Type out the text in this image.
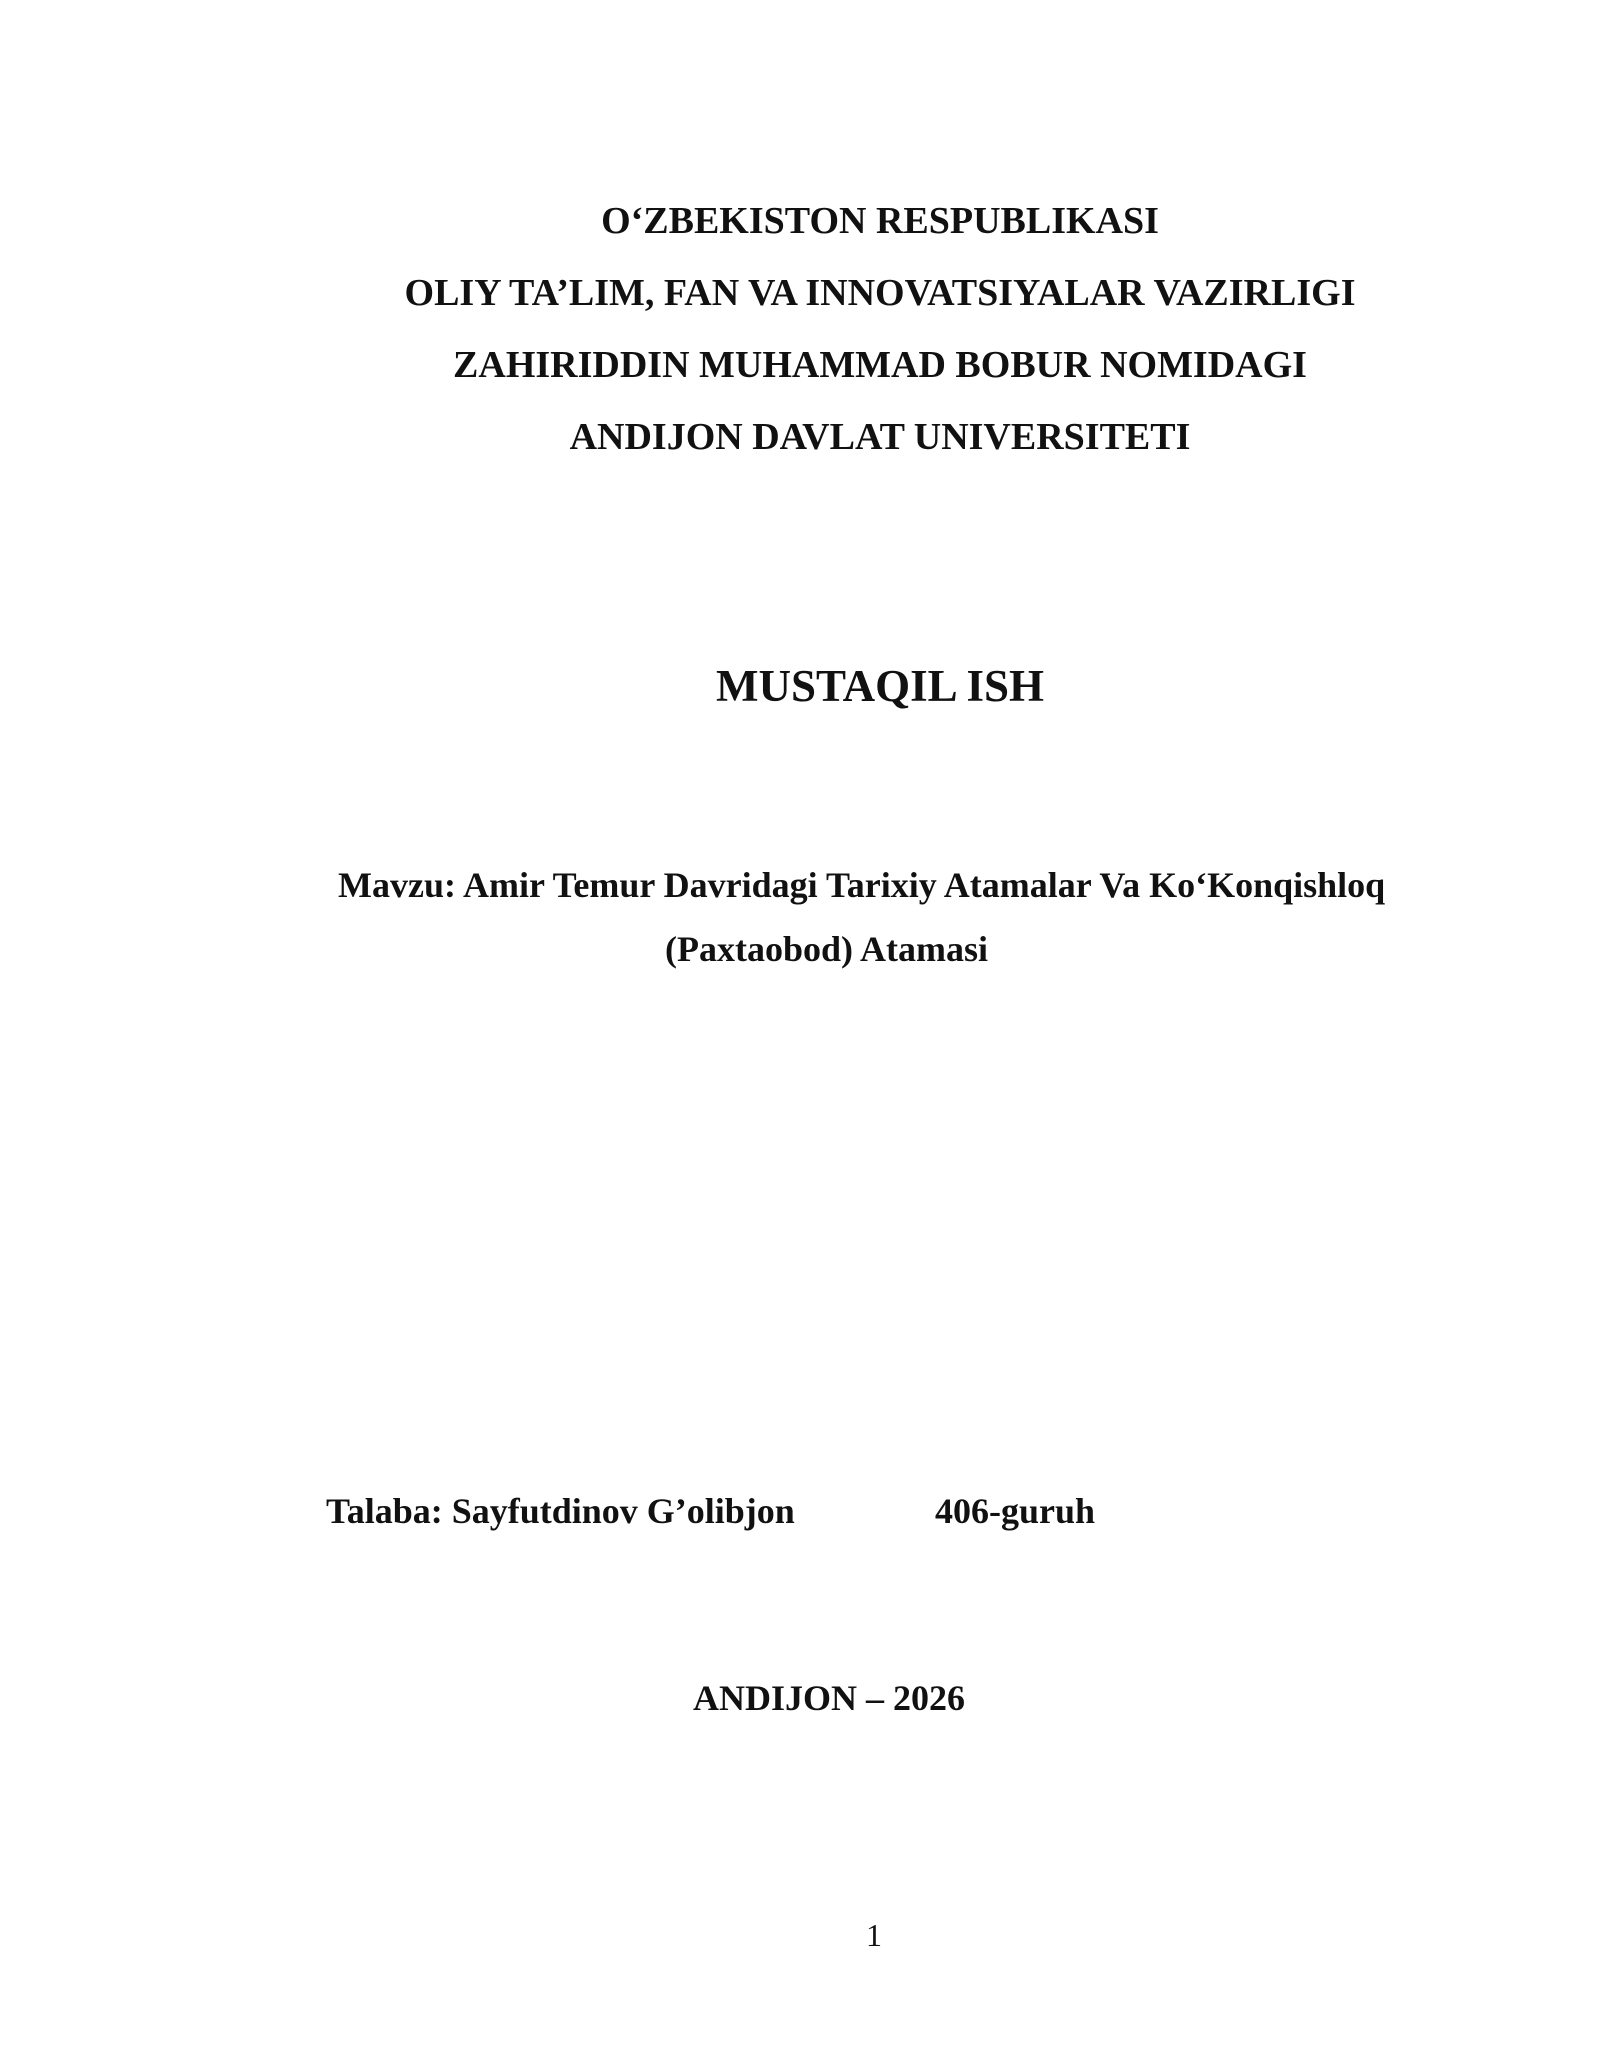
O‘ZBEKISTON RESPUBLIKASI
OLIY TA’LIM, FAN VA INNOVATSIYALAR VAZIRLIGI
ZAHIRIDDIN MUHAMMAD BOBUR NOMIDAGI
ANDIJON DAVLAT UNIVERSITETI
MUSTAQIL ISH
Mavzu: Amir Temur Davridagi Tarixiy Atamalar Va Ko‘Konqishloq
(Paxtaobod) Atamasi
Talaba: Sayfutdinov G’olibjon	406-guruh
ANDIJON – 2026
1
